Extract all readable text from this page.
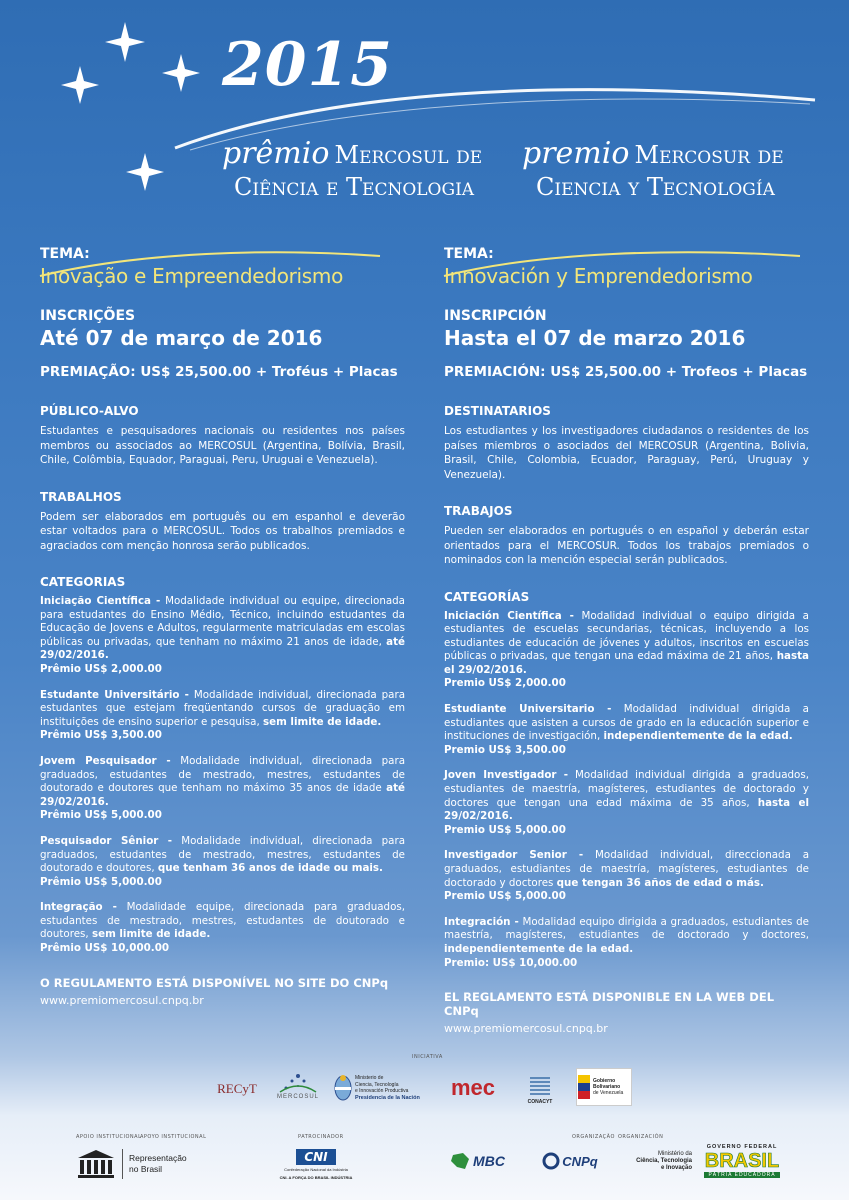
2015
prêmio Mercosul de
Ciência e Tecnologia
premio Mercosur de
Ciencia y Tecnología
TEMA:
Inovação e Empreendedorismo
INSCRIÇÕES
Até 07 de março de 2016
PREMIAÇÃO: US$ 25,500.00 + Troféus + Placas
PÚBLICO-ALVO
Estudantes e pesquisadores nacionais ou residentes nos países membros ou associados ao MERCOSUL (Argentina, Bolívia, Brasil, Chile, Colômbia, Equador, Paraguai, Peru, Uruguai e Venezuela).
TRABALHOS
Podem ser elaborados em português ou em espanhol e deverão estar voltados para o MERCOSUL. Todos os trabalhos premiados e agraciados com menção honrosa serão publicados.
CATEGORIAS
Iniciação Científica - Modalidade individual ou equipe, direcionada para estudantes do Ensino Médio, Técnico, incluindo estudantes da Educação de Jovens e Adultos, regularmente matriculadas em escolas públicas ou privadas, que tenham no máximo 21 anos de idade, até 29/02/2016.
Prêmio US$ 2,000.00
Estudante Universitário - Modalidade individual, direcionada para estudantes que estejam freqüentando cursos de graduação em instituições de ensino superior e pesquisa, sem limite de idade.
Prêmio US$ 3,500.00
Jovem Pesquisador - Modalidade individual, direcionada para graduados, estudantes de mestrado, mestres, estudantes de doutorado e doutores que tenham no máximo 35 anos de idade até 29/02/2016.
Prêmio US$ 5,000.00
Pesquisador Sênior - Modalidade individual, direcionada para graduados, estudantes de mestrado, mestres, estudantes de doutorado e doutores, que tenham 36 anos de idade ou mais.
Prêmio US$ 5,000.00
Integração - Modalidade equipe, direcionada para graduados, estudantes de mestrado, mestres, estudantes de doutorado e doutores, sem limite de idade.
Prêmio US$ 10,000.00
O REGULAMENTO ESTÁ DISPONÍVEL NO SITE DO CNPq
www.premiomercosul.cnpq.br
TEMA:
Innovación y Emprendedorismo
INSCRIPCIÓN
Hasta el 07 de marzo 2016
PREMIACIÓN: US$ 25,500.00 + Trofeos + Placas
DESTINATARIOS
Los estudiantes y los investigadores ciudadanos o residentes de los países miembros o asociados del MERCOSUR (Argentina, Bolivia, Brasil, Chile, Colombia, Ecuador, Paraguay, Perú, Uruguay y Venezuela).
TRABAJOS
Pueden ser elaborados en portugués o en español y deberán estar orientados para el MERCOSUR. Todos los trabajos premiados o nominados con la mención especial serán publicados.
CATEGORÍAS
Iniciación Científica - Modalidad individual o equipo dirigida a estudiantes de escuelas secundarias, técnicas, incluyendo a los estudiantes de educación de jóvenes y adultos, inscritos en escuelas públicas o privadas, que tengan una edad máxima de 21 años, hasta el 29/02/2016.
Premio US$ 2,000.00
Estudiante Universitario - Modalidad individual dirigida a estudiantes que asisten a cursos de grado en la educación superior e instituciones de investigación, independientemente de la edad.
Premio US$ 3,500.00
Joven Investigador - Modalidad individual dirigida a graduados, estudiantes de maestría, magísteres, estudiantes de doctorado y doctores que tengan una edad máxima de 35 años, hasta el 29/02/2016.
Premio US$ 5,000.00
Investigador Senior - Modalidad individual, direccionada a graduados, estudiantes de maestría, magísteres, estudiantes de doctorado y doctores que tengan 36 años de edad o más.
Premio US$ 5,000.00
Integración - Modalidad equipo dirigida a graduados, estudiantes de maestría, magísteres, estudiantes de doctorado y doctores, independientemente de la edad.
Premio: US$ 10,000.00
EL REGLAMENTO ESTÁ DISPONIBLE EN LA WEB DEL CNPq
www.premiomercosul.cnpq.br
INICIATIVA
RECyT
MERCOSUL
Ministerio de
Ciencia, Tecnología
e Innovación Productiva
Presidencia de la Nación mec
CONACYT
Gobierno
Bolivariano
de Venezuela
APOIO INSTITUCIONAL
APOYO INSTITUCIONAL	PATROCINADOR	ORGANIZAÇÃO ORGANIZACIÓN
Representação
no Brasil
CNI
Confederação Nacional da Indústria
CNI. A FORÇA DO BRASIL INDÚSTRIA
MBC	CNPq	Ministério da
Ciência, Tecnologia
e Inovação
GOVERNO FEDERAL
BRASIL
PÁTRIA EDUCADORA
